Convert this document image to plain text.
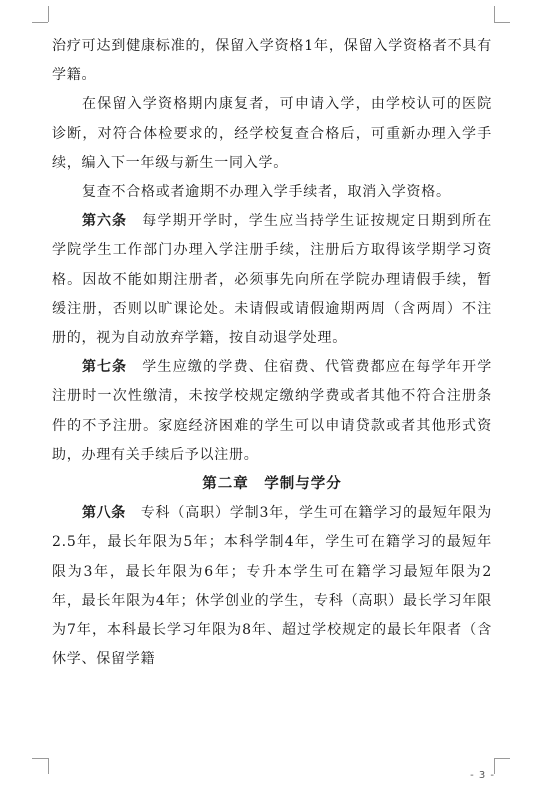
治疗可达到健康标准的，保留入学资格1年，保留入学资格者不具有学籍。

在保留入学资格期内康复者，可申请入学，由学校认可的医院诊断，对符合体检要求的，经学校复查合格后，可重新办理入学手续，编入下一年级与新生一同入学。

复查不合格或者逾期不办理入学手续者，取消入学资格。

第六条　 每学期开学时，学生应当持学生证按规定日期到所在学院学生工作部门办理入学注册手续，注册后方取得该学期学习资格。因故不能如期注册者，必须事先向所在学院办理请假手续，暂缓注册，否则以旷课论处。未请假或请假逾期两周（含两周）不注册的，视为自动放弃学籍，按自动退学处理。

第七条　 学生应缴的学费、住宿费、代管费都应在每学年开学注册时一次性缴清，未按学校规定缴纳学费或者其他不符合注册条件的不予注册。家庭经济困难的学生可以申请贷款或者其他形式资助，办理有关手续后予以注册。

第二章　学制与学分

第八条　 专科（高职）学制3年，学生可在籍学习的最短年限为2.5年，最长年限为5年；本科学制4年，学生可在籍学习的最短年限为3年，最长年限为6年；专升本学生可在籍学习最短年限为2年，最长年限为4年；休学创业的学生，专科（高职）最长学习年限为7年，本科最长学习年限为8年、超过学校规定的最长年限者（含休学、保留学籍

- 3 -
